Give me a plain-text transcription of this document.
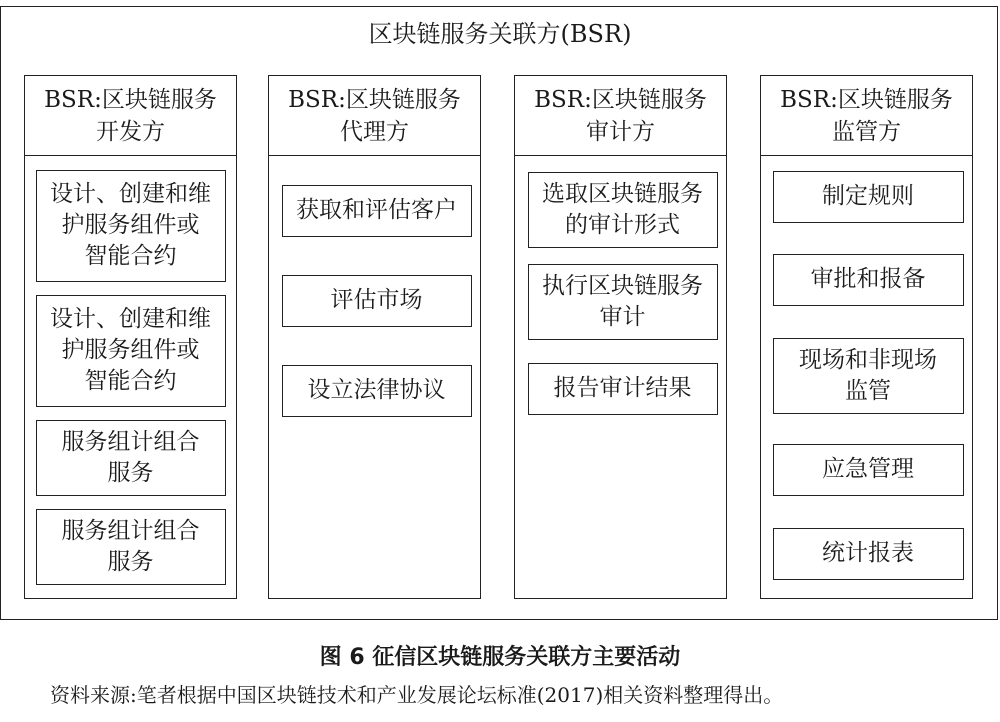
区块链服务关联方(BSR)
BSR:区块链服务
开发方
设计、创建和维
护服务组件或
智能合约
设计、创建和维
护服务组件或
智能合约
服务组计组合
服务
服务组计组合
服务
BSR:区块链服务
代理方
获取和评估客户
评估市场
设立法律协议
BSR:区块链服务
审计方
选取区块链服务
的审计形式
执行区块链服务
审计
报告审计结果
BSR:区块链服务
监管方
制定规则
审批和报备
现场和非现场
监管
应急管理
统计报表
图 6 征信区块链服务关联方主要活动
资料来源:笔者根据中国区块链技术和产业发展论坛标准(2017)相关资料整理得出。
